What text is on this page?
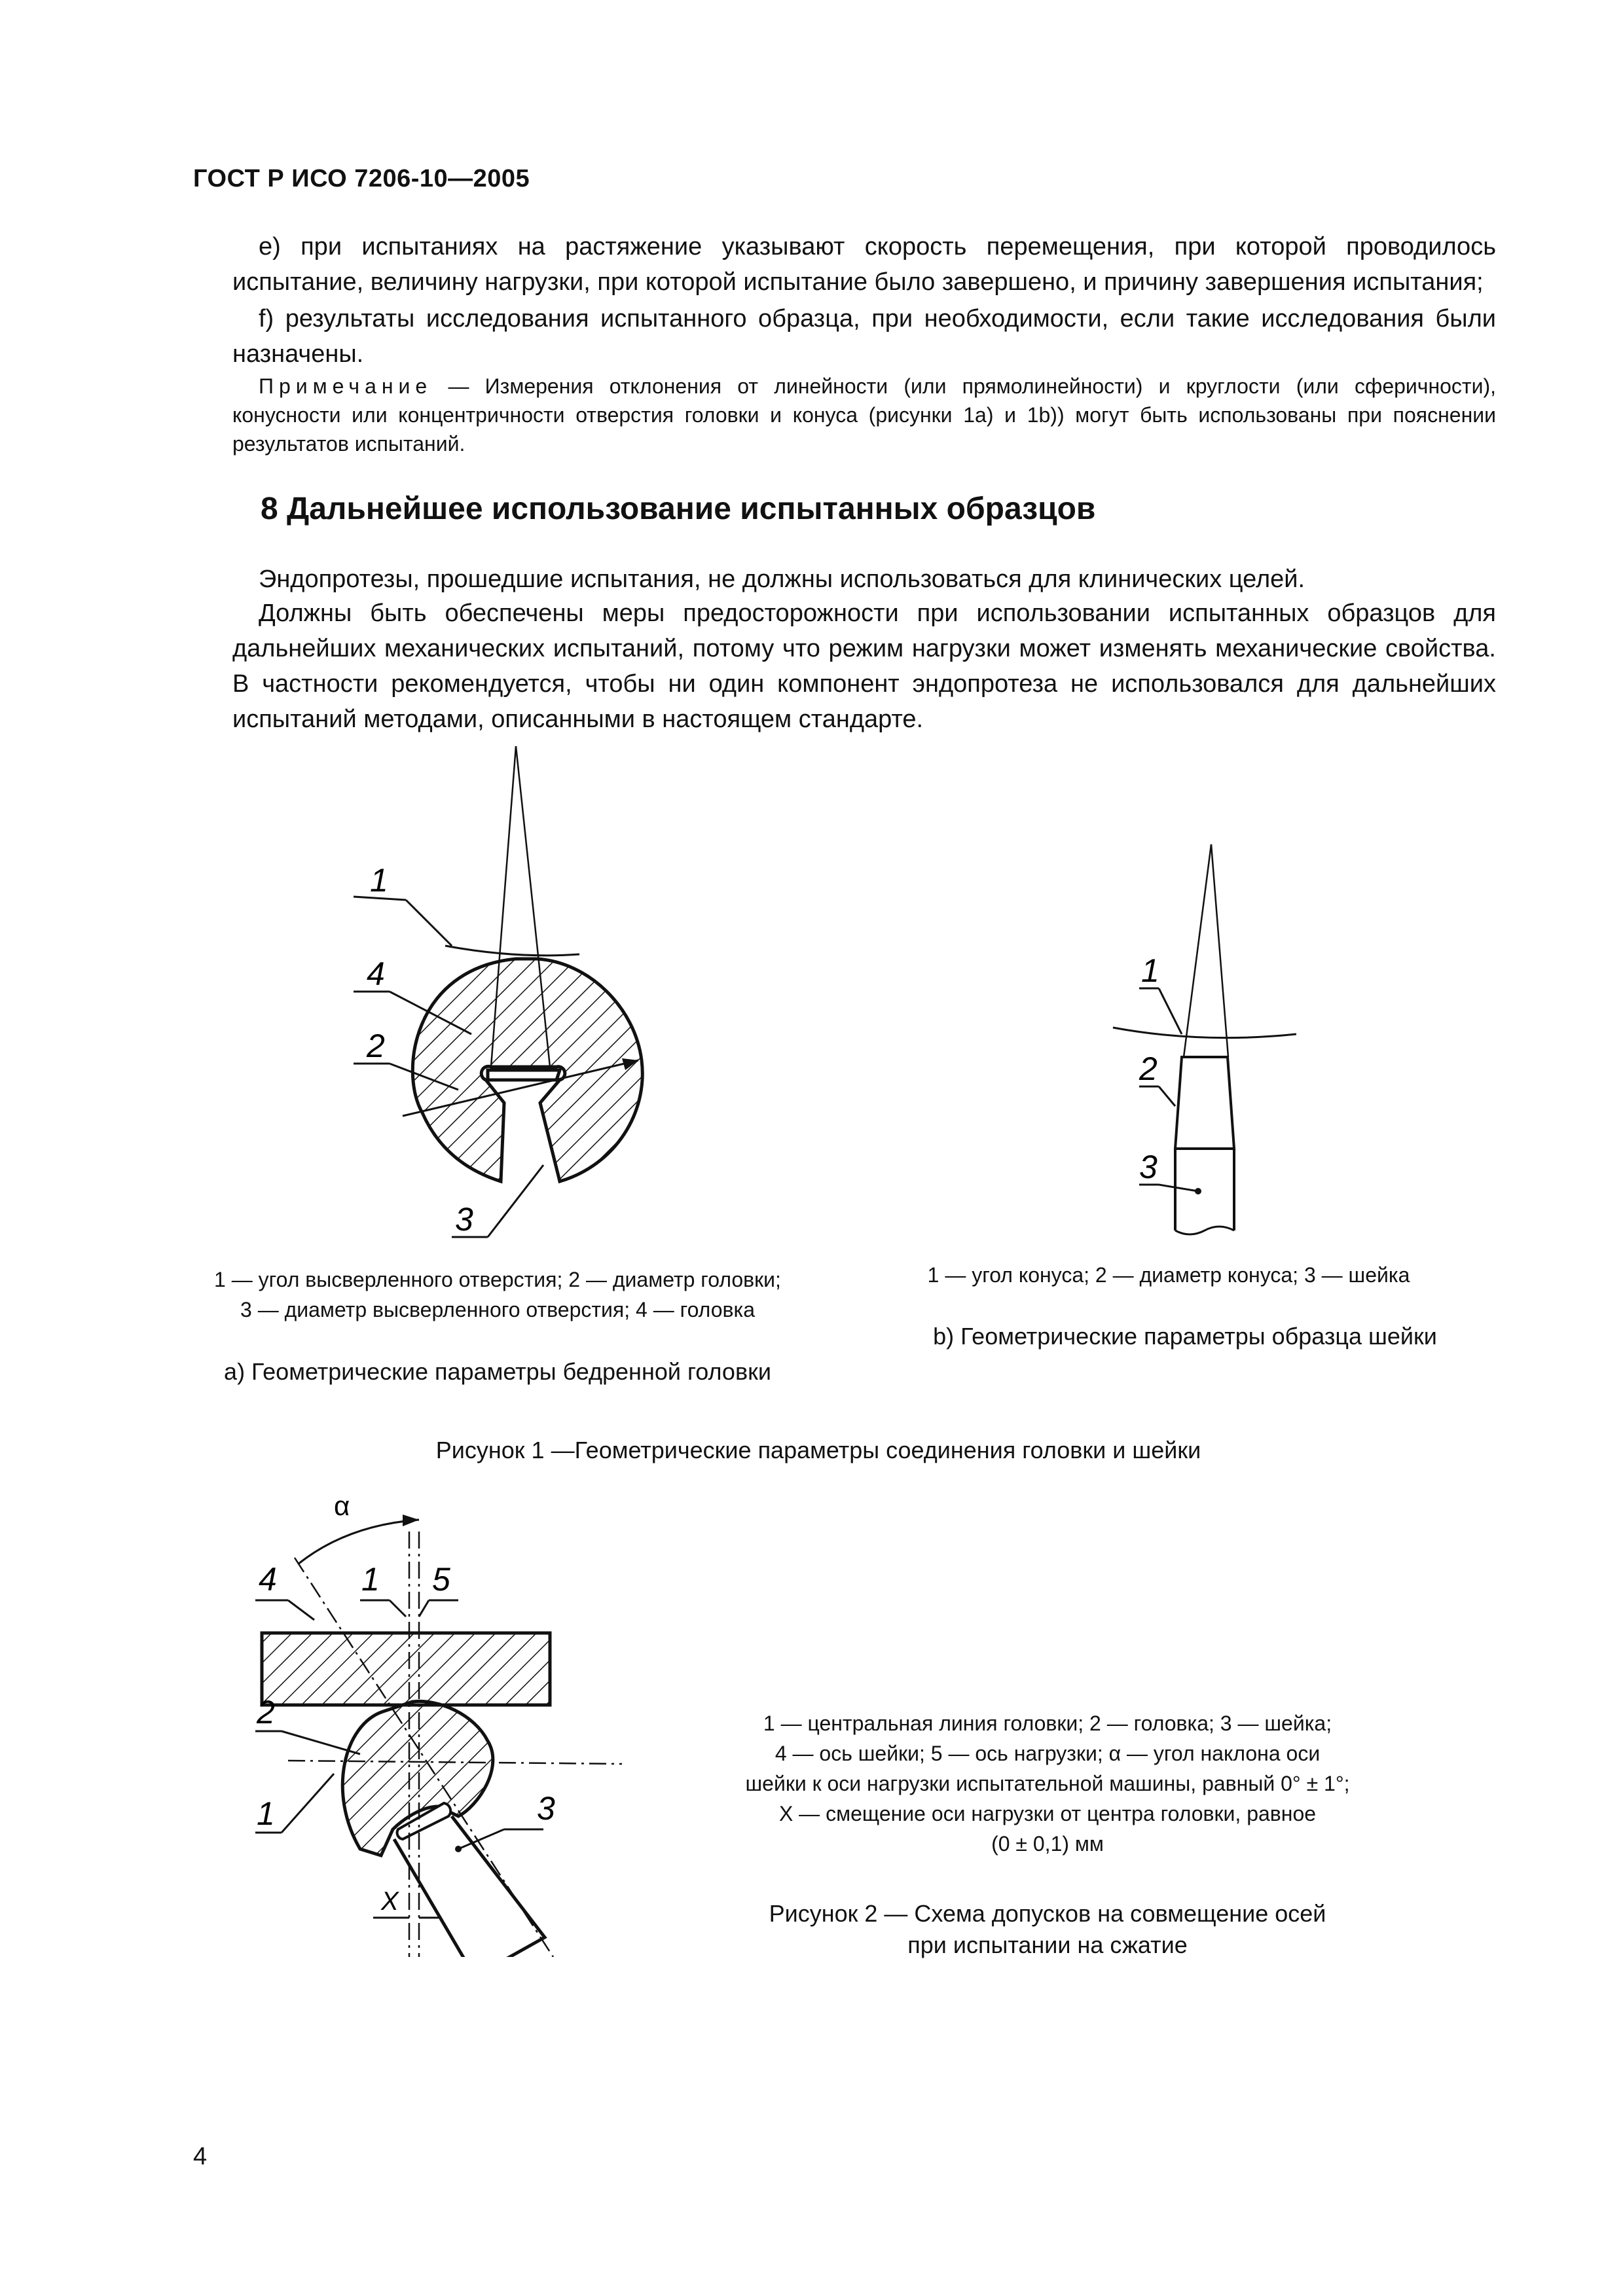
ГОСТ Р ИСО 7206-10—2005
е) при испытаниях на растяжение указывают скорость перемещения, при которой проводилось испытание, величину нагрузки, при которой испытание было завершено, и причину завершения испытания;
f) результаты исследования испытанного образца, при необходимости, если такие исследования были назначены.
Примечание — Измерения отклонения от линейности (или прямолинейности) и круглости (или сферичности), конусности или концентричности отверстия головки и конуса (рисунки 1a) и 1b)) могут быть использованы при пояснении результатов испытаний.
8 Дальнейшее использование испытанных образцов
Эндопротезы, прошедшие испытания, не должны использоваться для клинических целей.
Должны быть обеспечены меры предосторожности при использовании испытанных образцов для дальнейших механических испытаний, потому что режим нагрузки может изменять механические свойства. В частности рекомендуется, чтобы ни один компонент эндопротеза не использовался для дальнейших испытаний методами, описанными в настоящем стандарте.
1
4
2
3
1 — угол высверленного отверстия; 2 — диаметр головки;
3 — диаметр высверленного отверстия; 4 — головка
a) Геометрические параметры бедренной головки
1
2
3
1 — угол конуса; 2 — диаметр конуса; 3 — шейка
b) Геометрические параметры образца шейки
Рисунок 1 —Геометрические параметры соединения головки и шейки
α
4	1 5
2
1	3
X
1 — центральная линия головки; 2 — головка; 3 — шейка;
4 — ось шейки; 5 — ось нагрузки; α — угол наклона оси
шейки к оси нагрузки испытательной машины, равный 0° ± 1°;
X — смещение оси нагрузки от центра головки, равное
(0 ± 0,1) мм
Рисунок 2 — Схема допусков на совмещение осей
при испытании на сжатие
4
